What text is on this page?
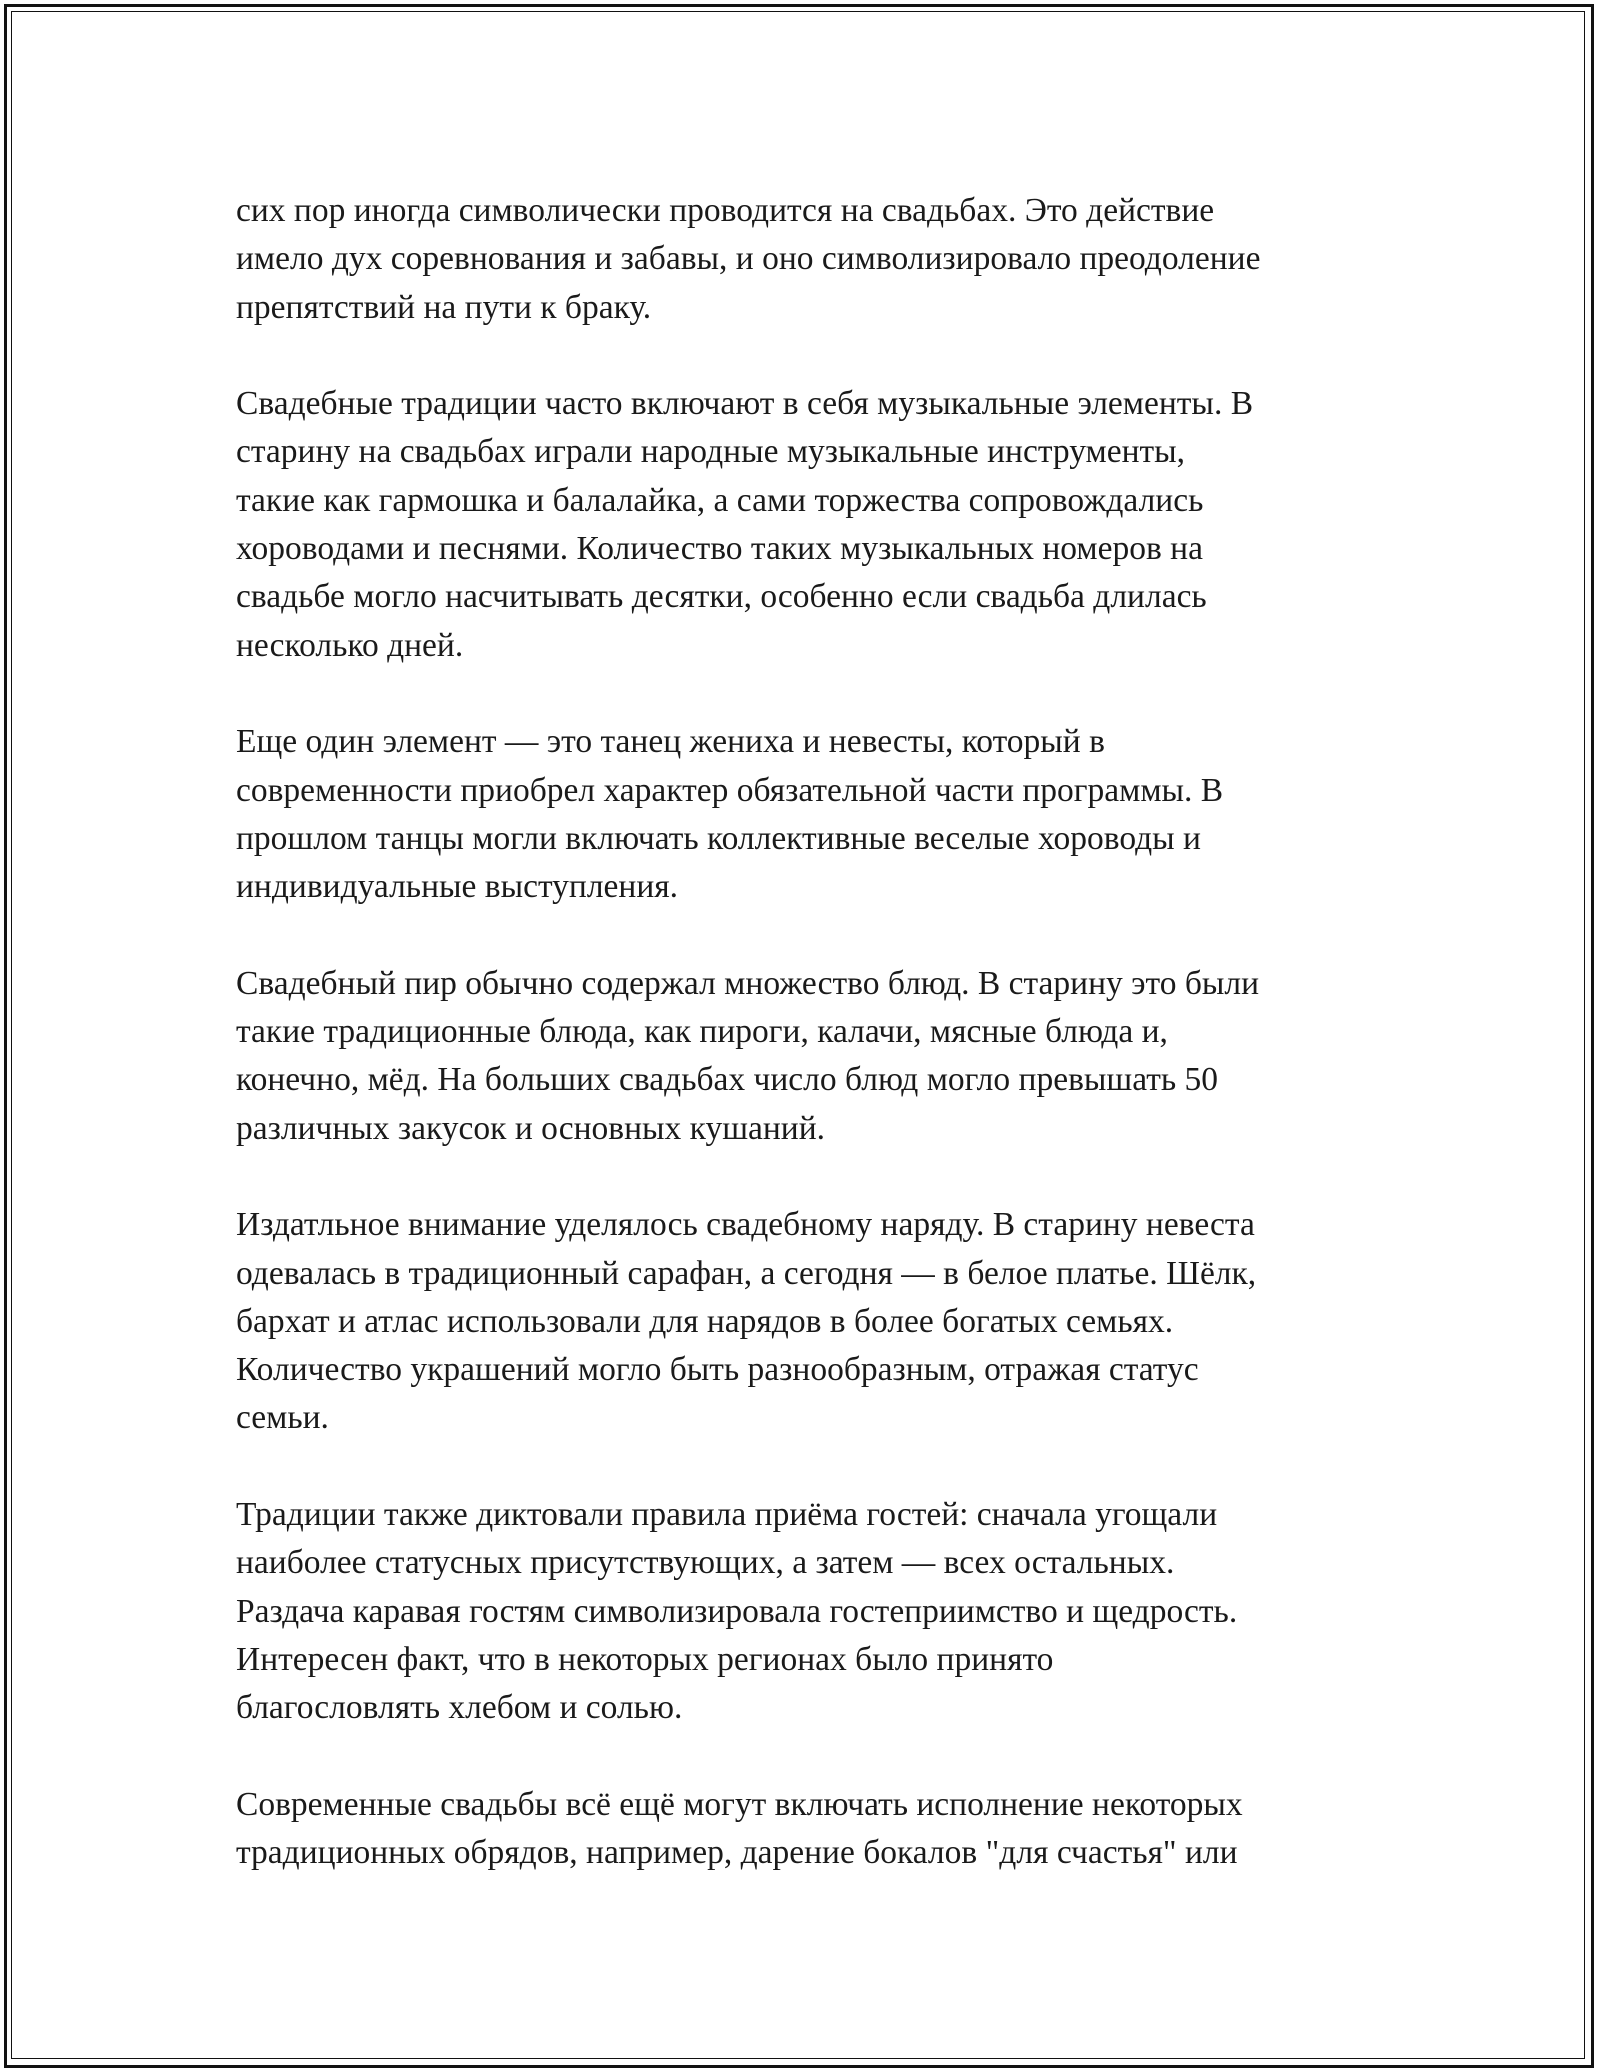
сих пор иногда символически проводится на свадьбах. Это действие
имело дух соревнования и забавы, и оно символизировало преодоление
препятствий на пути к браку.

Свадебные традиции часто включают в себя музыкальные элементы. В
старину на свадьбах играли народные музыкальные инструменты,
такие как гармошка и балалайка, а сами торжества сопровождались
хороводами и песнями. Количество таких музыкальных номеров на
свадьбе могло насчитывать десятки, особенно если свадьба длилась
несколько дней.

Еще один элемент — это танец жениха и невесты, который в
современности приобрел характер обязательной части программы. В
прошлом танцы могли включать коллективные веселые хороводы и
индивидуальные выступления.

Свадебный пир обычно содержал множество блюд. В старину это были
такие традиционные блюда, как пироги, калачи, мясные блюда и,
конечно, мёд. На больших свадьбах число блюд могло превышать 50
различных закусок и основных кушаний.

Издатльное внимание уделялось свадебному наряду. В старину невеста
одевалась в традиционный сарафан, а сегодня — в белое платье. Шёлк,
бархат и атлас использовали для нарядов в более богатых семьях.
Количество украшений могло быть разнообразным, отражая статус
семьи.

Традиции также диктовали правила приёма гостей: сначала угощали
наиболее статусных присутствующих, а затем — всех остальных.
Раздача каравая гостям символизировала гостеприимство и щедрость.
Интересен факт, что в некоторых регионах было принято
благословлять хлебом и солью.

Современные свадьбы всё ещё могут включать исполнение некоторых
традиционных обрядов, например, дарение бокалов "для счастья" или
